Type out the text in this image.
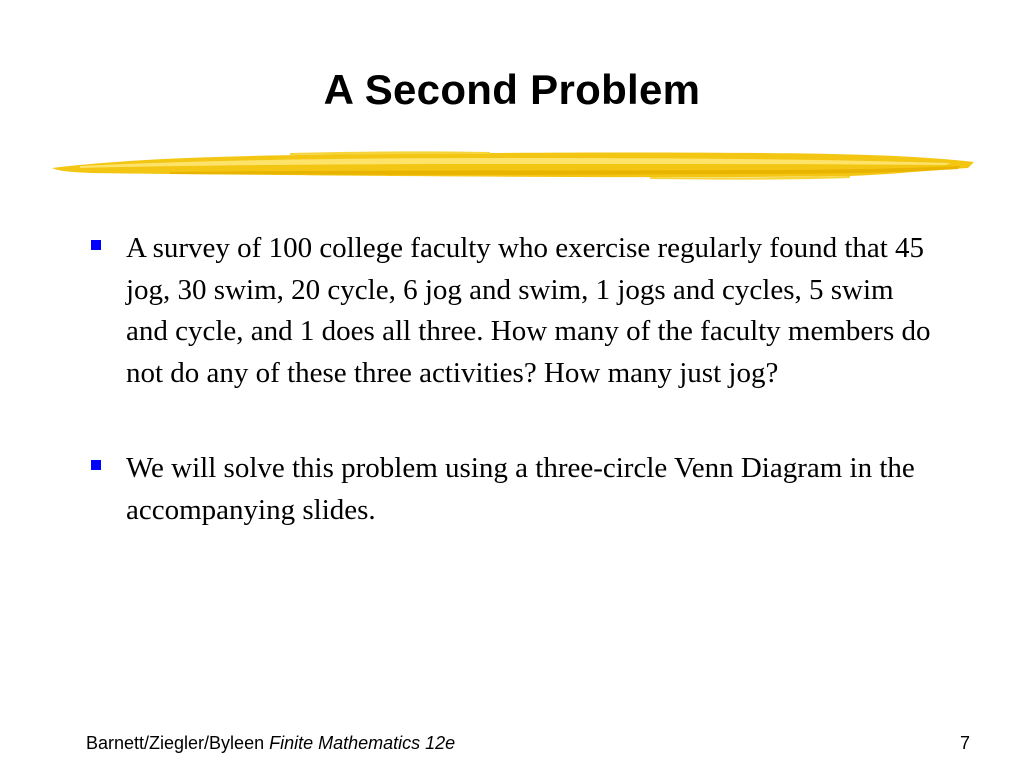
A Second Problem
A survey of 100 college faculty who exercise regularly found that 45 jog, 30 swim, 20 cycle, 6 jog and swim, 1 jogs and cycles, 5 swim and cycle, and 1 does all three. How many of the faculty members do not do any of these three activities? How many just jog?
We will solve this problem using a three-circle Venn Diagram in the accompanying slides.
Barnett/Ziegler/Byleen Finite Mathematics 12e	7
